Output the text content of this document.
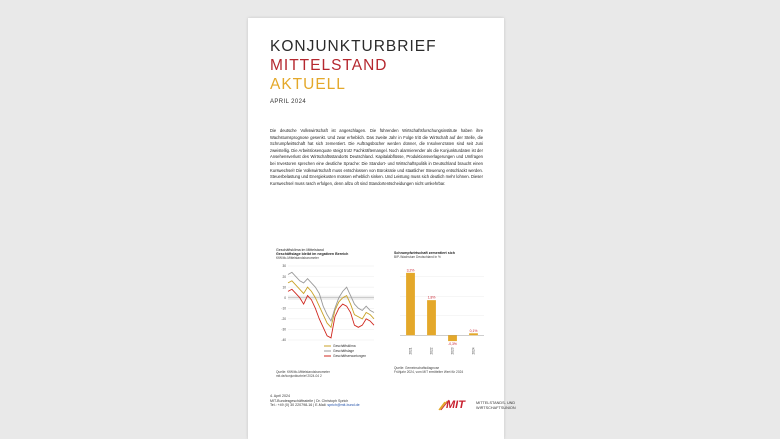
KONJUNKTURBRIEF
MITTELSTAND
AKTUELL
APRIL 2024

Die deutsche Volkswirtschaft ist angeschlagen. Die führenden Wirtschaftsforschungsinstitute haben ihre Wachstumsprognose gesenkt. Und zwar erheblich. Das zweite Jahr in Folge tritt die Wirtschaft auf der Stelle, die Schrumpfwirtschaft hat sich zementiert. Die Auftragsbücher werden dünner, die Insolvenzraten sind seit Juni zweistellig. Die Arbeitslosenquote steigt trotz Fachkräftemangel. Noch alarmierender als die Konjunkturdaten ist der Ansehensverlust des Wirtschaftsstandorts Deutschland. Kapitalabflüsse, Produktionsverlagerungen und Umfragen bei Investoren sprechen eine deutliche Sprache: Die Standort- und Wirtschaftspolitik in Deutschland braucht einen Kurswechsel! Die Volkswirtschaft muss entschlossen von Bürokratie und staatlicher Steuerung entschlackt werden. Steuerbelastung und Energiekosten müssen erheblich sinken. Und Leistung muss sich deutlich mehr lohnen. Dieser Kurswechsel muss rasch erfolgen, denn allzu oft sind Standortentscheidungen nicht umkehrbar.

Geschäftsklima im Mittelstand
Geschäftslage bleibt im negativen Bereich
KfW/ifo-Mittelstandsbarometer
30
20
10
0
-10
-20
-30
-40
Geschäftsklima
Geschäftslage
Geschäftserwartungen
Quelle: KfW/ifo-Mittelstandsbarometer
mit.de/konjunkturbrief 2024-04 2
Schrumpfwirtschaft zementiert sich
BIP-Wachstum Deutschland in %
3,2%
2021
1,8%
2022
-0,3%
2023
0,1%
2024
Quelle: Gemeinschaftsdiagnose
Frühjahr 2024, vom MIT ermittelter Wert für 2024
4. April 2024
MIT-Bundesgeschäftsstelle | Dr. Christoph Sprich
Tel.: +49 (0) 30 220798-16 | E-Mail: sprich@mit-bund.de	MIT	MITTELSTANDS- UND
WIRTSCHAFTSUNION
